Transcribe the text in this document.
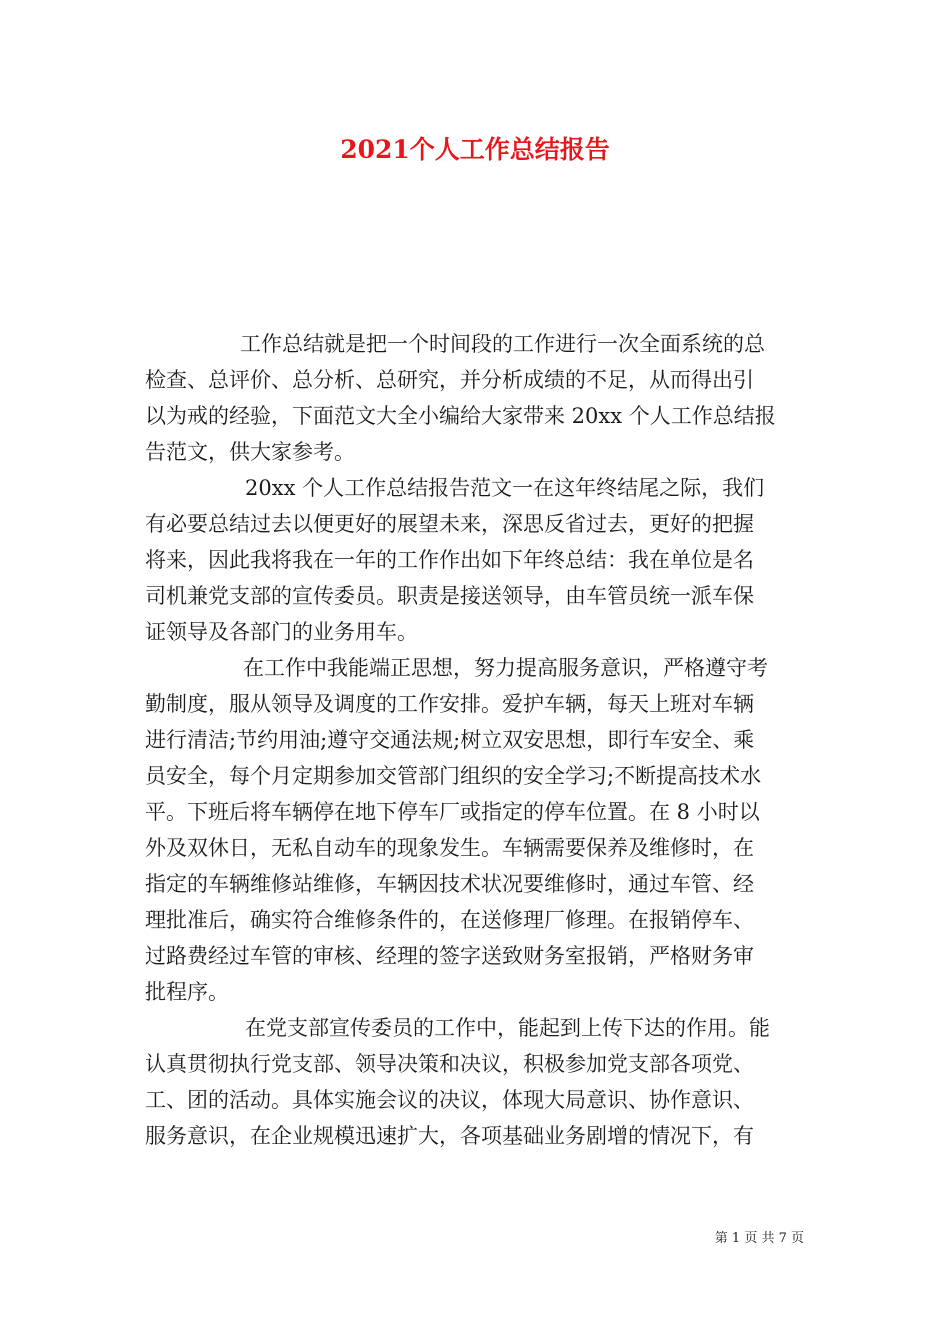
2021个人工作总结报告
工作总结就是把一个时间段的工作进行一次全面系统的总
检查、总评价、总分析、总研究，并分析成绩的不足，从而得出引
以为戒的经验，下面范文大全小编给大家带来 20xx 个人工作总结报
告范文，供大家参考。
20xx 个人工作总结报告范文一在这年终结尾之际，我们
有必要总结过去以便更好的展望未来，深思反省过去，更好的把握
将来，因此我将我在一年的工作作出如下年终总结：我在单位是名
司机兼党支部的宣传委员。职责是接送领导，由车管员统一派车保
证领导及各部门的业务用车。
在工作中我能端正思想，努力提高服务意识，严格遵守考
勤制度，服从领导及调度的工作安排。爱护车辆，每天上班对车辆
进行清洁;节约用油;遵守交通法规;树立双安思想，即行车安全、乘
员安全，每个月定期参加交管部门组织的安全学习;不断提高技术水
平。下班后将车辆停在地下停车厂或指定的停车位置。在 8 小时以
外及双休日，无私自动车的现象发生。车辆需要保养及维修时，在
指定的车辆维修站维修，车辆因技术状况要维修时，通过车管、经
理批准后，确实符合维修条件的，在送修理厂修理。在报销停车、
过路费经过车管的审核、经理的签字送致财务室报销，严格财务审
批程序。
在党支部宣传委员的工作中，能起到上传下达的作用。能
认真贯彻执行党支部、领导决策和决议，积极参加党支部各项党、
工、团的活动。具体实施会议的决议，体现大局意识、协作意识、
服务意识，在企业规模迅速扩大，各项基础业务剧增的情况下，有
第 1 页 共 7 页
